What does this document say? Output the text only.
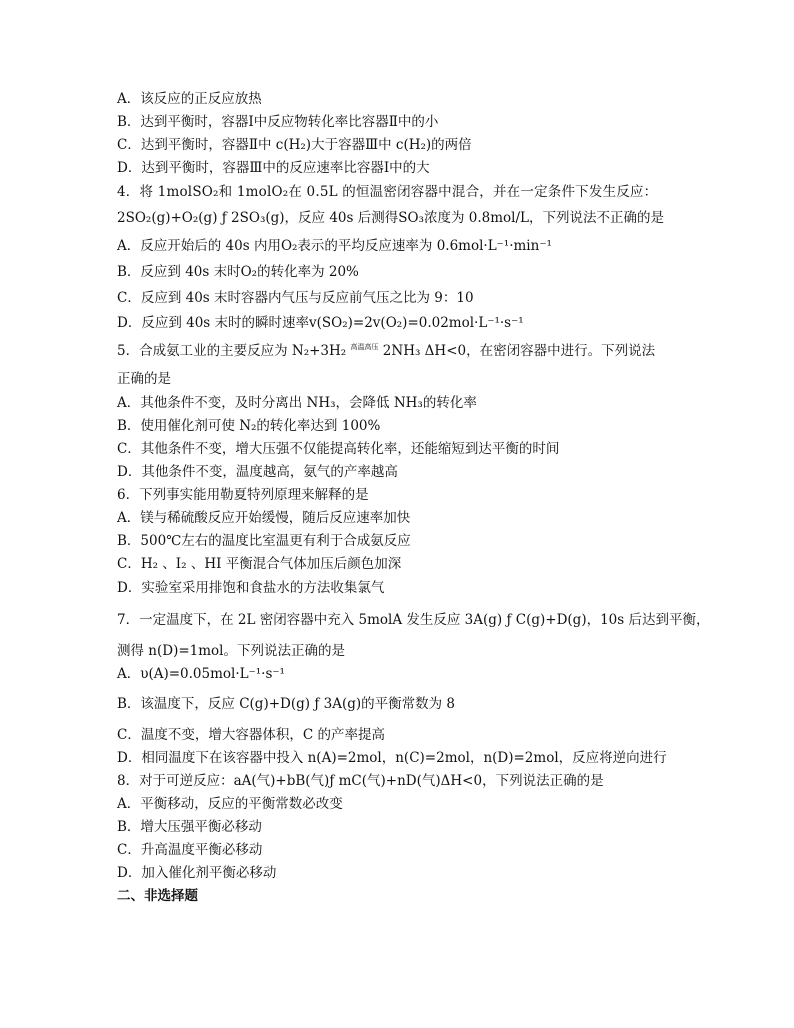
A．该反应的正反应放热
B．达到平衡时，容器Ⅰ中反应物转化率比容器Ⅱ中的小
C．达到平衡时，容器Ⅱ中 c(H₂)大于容器Ⅲ中 c(H₂)的两倍
D．达到平衡时，容器Ⅲ中的反应速率比容器Ⅰ中的大
4．将 1molSO₂和 1molO₂在 0.5L 的恒温密闭容器中混合，并在一定条件下发生反应：
2SO₂(g)+O₂(g) ƒ 2SO₃(g)，反应 40s 后测得SO₃浓度为 0.8mol/L，下列说法不正确的是
A．反应开始后的 40s 内用O₂表示的平均反应速率为 0.6mol·L⁻¹·min⁻¹
B．反应到 40s 末时O₂的转化率为 20%
C．反应到 40s 末时容器内气压与反应前气压之比为 9：10
D．反应到 40s 末时的瞬时速率v(SO₂)=2v(O₂)=0.02mol·L⁻¹·s⁻¹
5．合成氨工业的主要反应为 N₂+3H₂ $^{高温高压}$ 2NH₃ ΔH<0，在密闭容器中进行。下列说法
正确的是
A．其他条件不变，及时分离出 NH₃，会降低 NH₃的转化率
B．使用催化剂可使 N₂的转化率达到 100%
C．其他条件不变，增大压强不仅能提高转化率，还能缩短到达平衡的时间
D．其他条件不变，温度越高，氨气的产率越高
6．下列事实能用勒夏特列原理来解释的是
A．镁与稀硫酸反应开始缓慢，随后反应速率加快
B．500℃左右的温度比室温更有利于合成氨反应
C．H₂ 、I₂ 、HI 平衡混合气体加压后颜色加深
D．实验室采用排饱和食盐水的方法收集氯气
7．一定温度下，在 2L 密闭容器中充入 5molA 发生反应 3A(g) ƒ C(g)+D(g)，10s 后达到平衡，
测得 n(D)=1mol。下列说法正确的是
A．υ(A)=0.05mol·L⁻¹·s⁻¹
B．该温度下，反应 C(g)+D(g) ƒ 3A(g)的平衡常数为 8
C．温度不变，增大容器体积，C 的产率提高
D．相同温度下在该容器中投入 n(A)=2mol，n(C)=2mol，n(D)=2mol，反应将逆向进行
8．对于可逆反应：aA(气)+bB(气)ƒ mC(气)+nD(气)ΔH<0，下列说法正确的是
A．平衡移动，反应的平衡常数必改变
B．增大压强平衡必移动
C．升高温度平衡必移动
D．加入催化剂平衡必移动
二、非选择题
